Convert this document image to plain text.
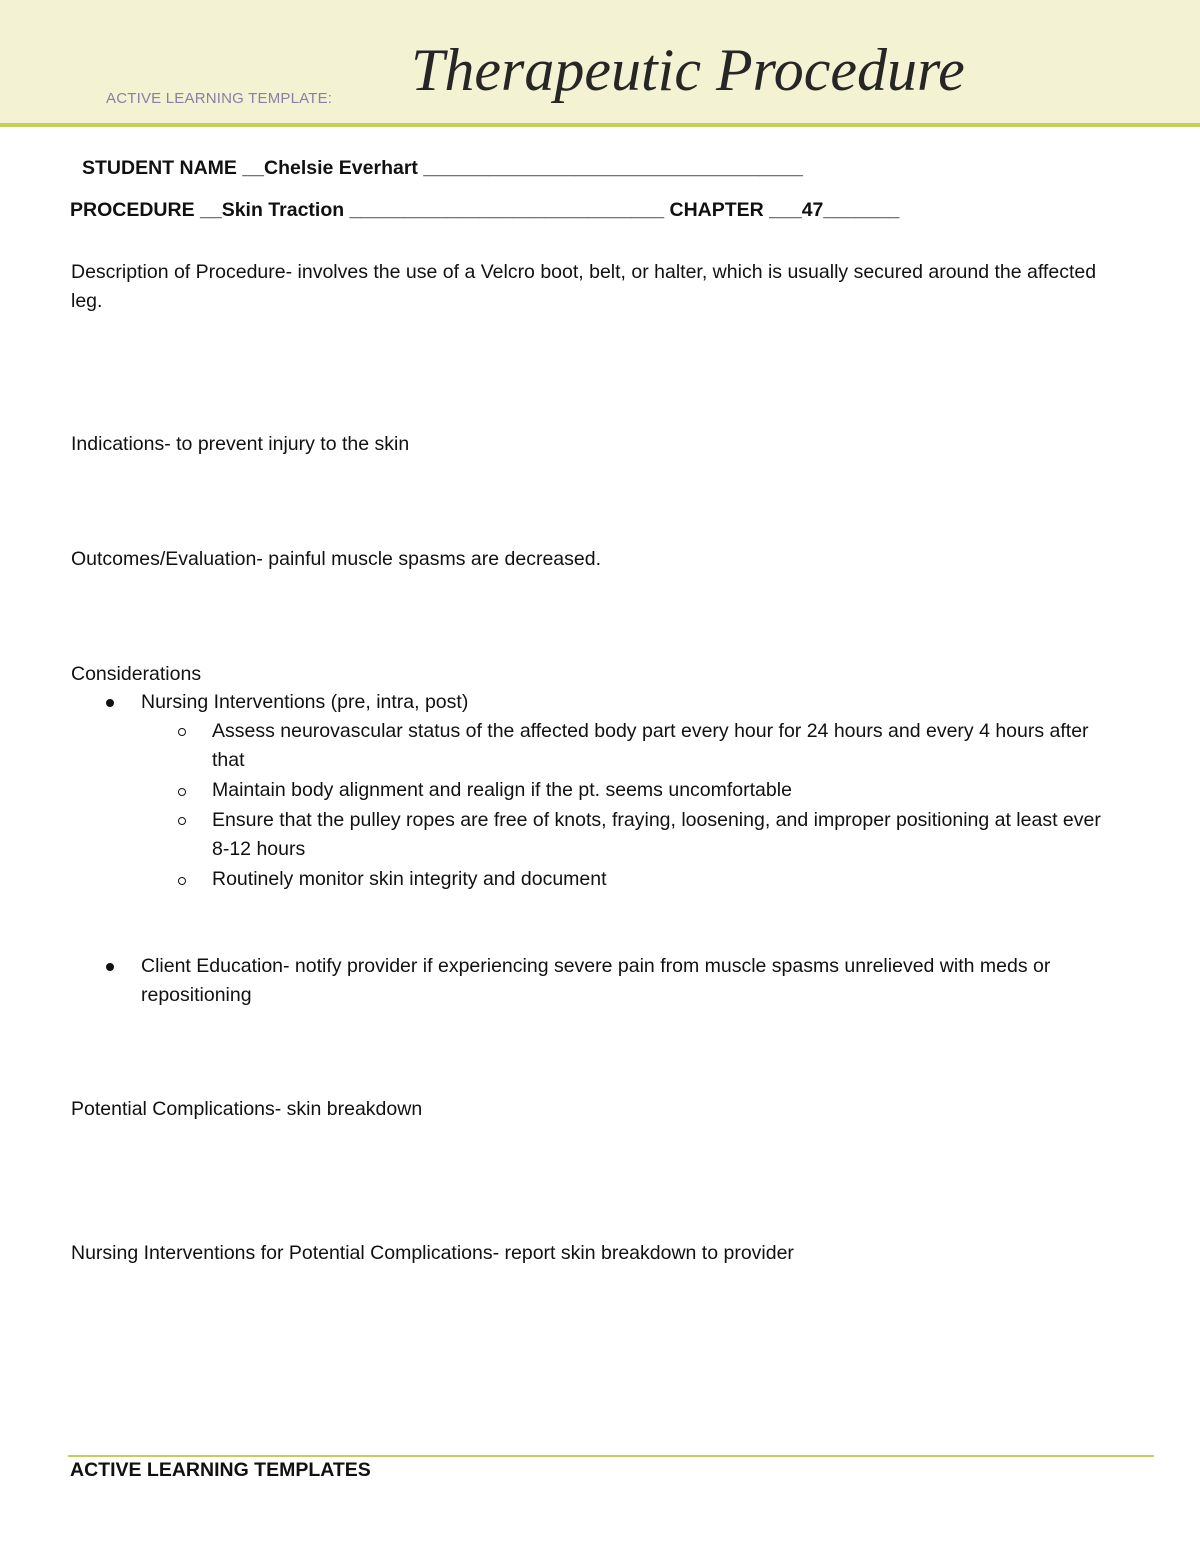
ACTIVE LEARNING TEMPLATE: Therapeutic Procedure
STUDENT NAME __Chelsie Everhart ___________________________________
PROCEDURE __Skin Traction _____________________________ CHAPTER ___47_______
Description of Procedure- involves the use of a Velcro boot, belt, or halter, which is usually secured around the affected leg.
Indications- to prevent injury to the skin
Outcomes/Evaluation- painful muscle spasms are decreased.
Considerations
Nursing Interventions (pre, intra, post)
Assess neurovascular status of the affected body part every hour for 24 hours and every 4 hours after that
Maintain body alignment and realign if the pt. seems uncomfortable
Ensure that the pulley ropes are free of knots, fraying, loosening, and improper positioning at least ever 8-12 hours
Routinely monitor skin integrity and document
Client Education- notify provider if experiencing severe pain from muscle spasms unrelieved with meds or repositioning
Potential Complications- skin breakdown
Nursing Interventions for Potential Complications- report skin breakdown to provider
ACTIVE LEARNING TEMPLATES
